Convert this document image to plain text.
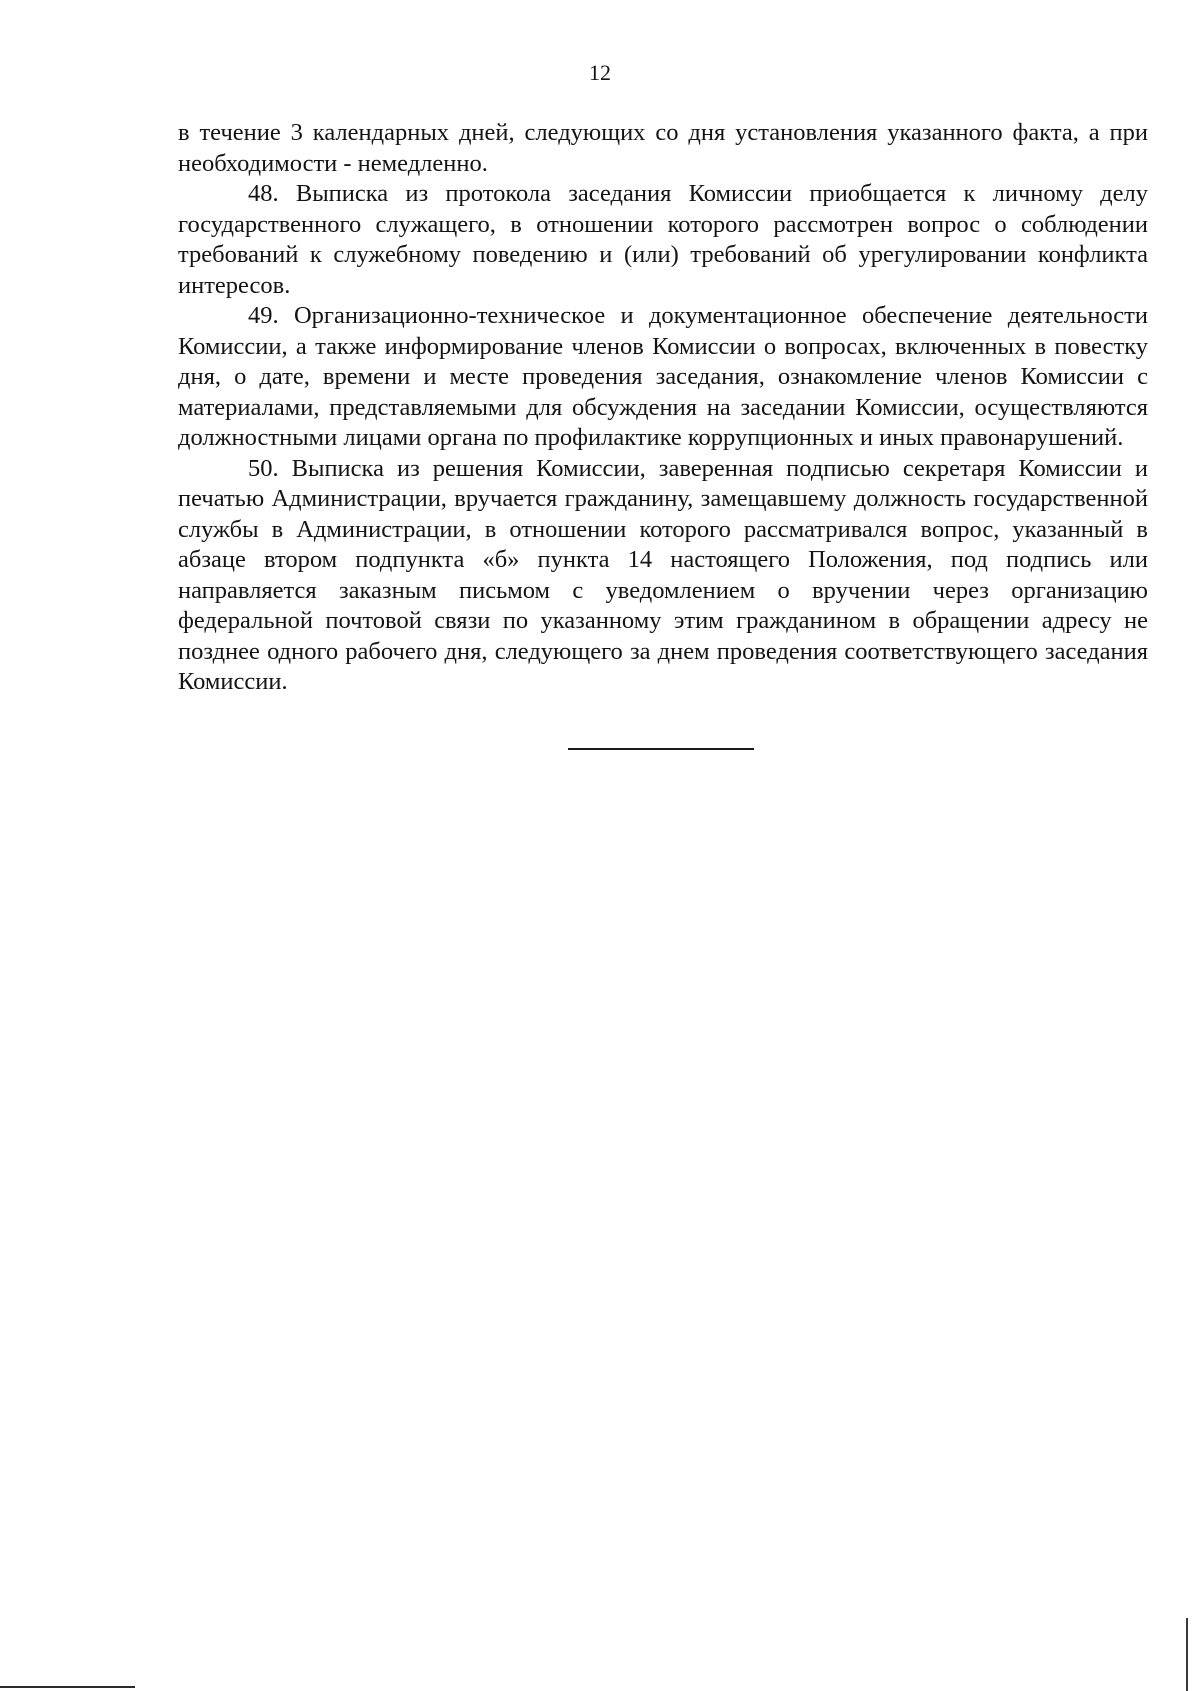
12

в течение 3 календарных дней, следующих со дня установления указанного факта, а при необходимости - немедленно.

48. Выписка из протокола заседания Комиссии приобщается к личному делу государственного служащего, в отношении которого рассмотрен вопрос о соблюдении требований к служебному поведению и (или) требований об урегулировании конфликта интересов.

49. Организационно-техническое и документационное обеспечение деятельности Комиссии, а также информирование членов Комиссии о вопросах, включенных в повестку дня, о дате, времени и месте проведения заседания, ознакомление членов Комиссии с материалами, представляемыми для обсуждения на заседании Комиссии, осуществляются должностными лицами органа по профилактике коррупционных и иных правонарушений.

50. Выписка из решения Комиссии, заверенная подписью секретаря Комиссии и печатью Администрации, вручается гражданину, замещавшему должность государственной службы в Администрации, в отношении которого рассматривался вопрос, указанный в абзаце втором подпункта «б» пункта 14 настоящего Положения, под подпись или направляется заказным письмом с уведомлением о вручении через организацию федеральной почтовой связи по указанному этим гражданином в обращении адресу не позднее одного рабочего дня, следующего за днем проведения соответствующего заседания Комиссии.
